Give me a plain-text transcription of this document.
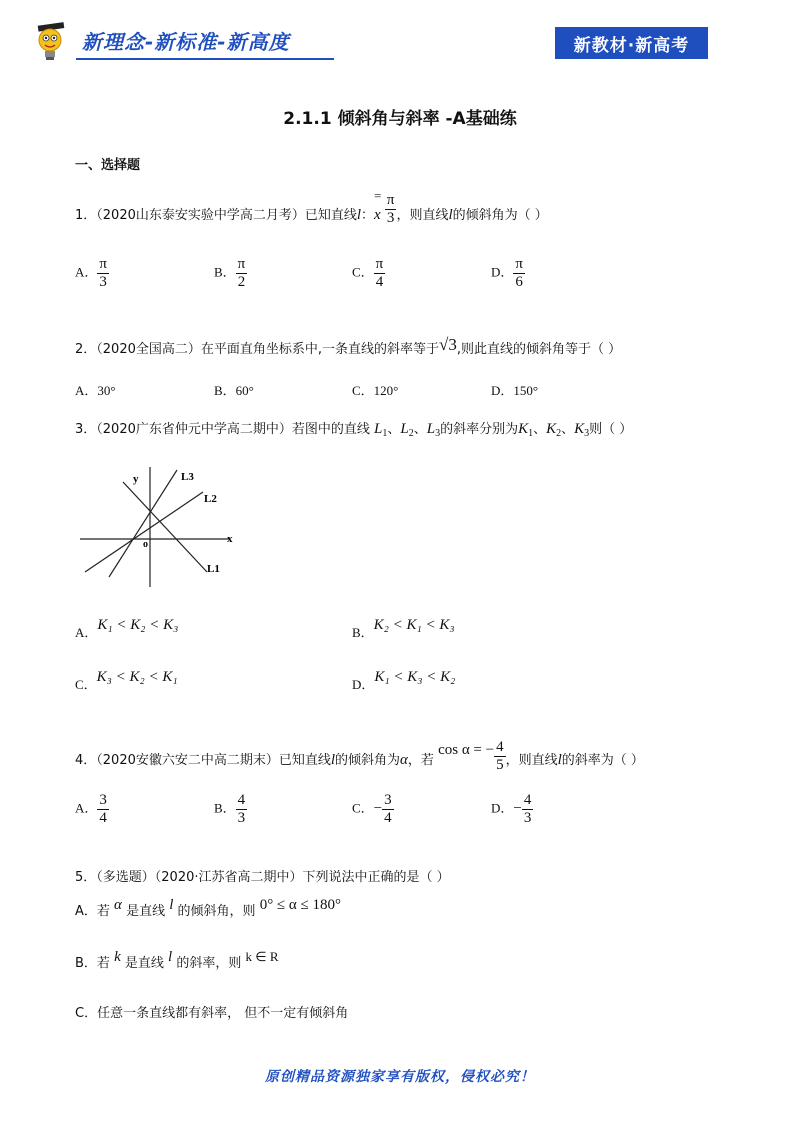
新理念-新标准-新高度	新教材·新高考
2.1.1 倾斜角与斜率 -A基础练
一、选择题
1．（2020山东泰安实验中学高二月考）已知直线l：x $\frac{\pi}{3}$ ，则直线l的倾斜角为（ ）
=
A． $\frac{\pi}{3}$	B． $\frac{\pi}{2}$	C． $\frac{\pi}{4}$	D． $\frac{\pi}{6}$
2．（2020全国高二）在平面直角坐标系中,一条直线的斜率等于√3,则此直线的倾斜角等于（ ）
A．30°	B．60°	C．120°	D．150°
3．（2020广东省仲元中学高二期中）若图中的直线 $L_1$、$L_2$、$L_3$的斜率分别为$K_1$、$K_2$、$K_3$则（ ）
y
x
o
L3
L2
L1
A．K₁ < K₂ < K₃	B．K₂ < K₁ < K₃
C．K₃ < K₂ < K₁	D．K₁ < K₃ < K₂
4．（2020安徽六安二中高二期末）已知直线l的倾斜角为α，若 cos α = − $\frac{4}{5}$ ，则直线l的斜率为（ ）
A． $\frac{3}{4}$	B． $\frac{4}{3}$	C．− $\frac{3}{4}$	D．− $\frac{4}{3}$
5．（多选题）（2020·江苏省高二期中）下列说法中正确的是（ ）
A．若 α 是直线 l 的倾斜角，则 0° ≤ α ≤ 180°
B．若 k 是直线 l 的斜率，则 k ∈ R
C．任意一条直线都有斜率， 但不一定有倾斜角
原创精品资源独家享有版权，侵权必究！
